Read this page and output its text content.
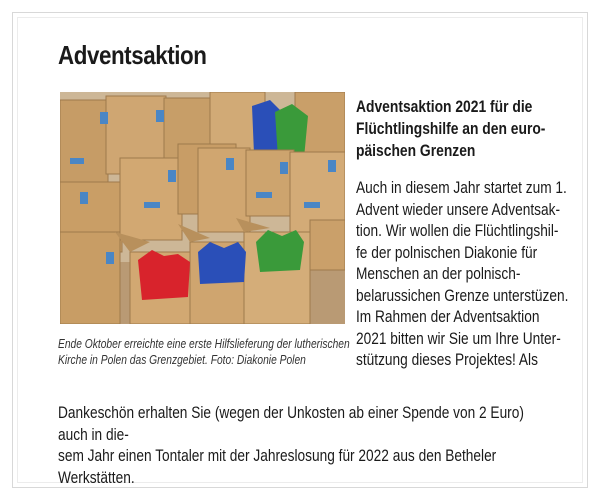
Adventsaktion
Ende Oktober erreichte eine erste Hilfslieferung der lutherischen
Kirche in Polen das Grenzgebiet. Foto: Diakonie Polen
Adventsaktion 2021 für die
Flüchtlingshilfe an den euro-
päischen Grenzen
Auch in diesem Jahr startet zum 1.
Advent wieder unsere Adventsak-
tion. Wir wollen die Flüchtlingshil-
fe der polnischen Diakonie für
Menschen an der polnisch-
belarussichen Grenze unterstüzen.
Im Rahmen der Adventsaktion
2021 bitten wir Sie um Ihre Unter-
stützung dieses Projektes! Als
Dankeschön erhalten Sie (wegen der Unkosten ab einer Spende von 2 Euro) auch in die-
sem Jahr einen Tontaler mit der Jahreslosung für 2022 aus den Betheler Werkstätten.
